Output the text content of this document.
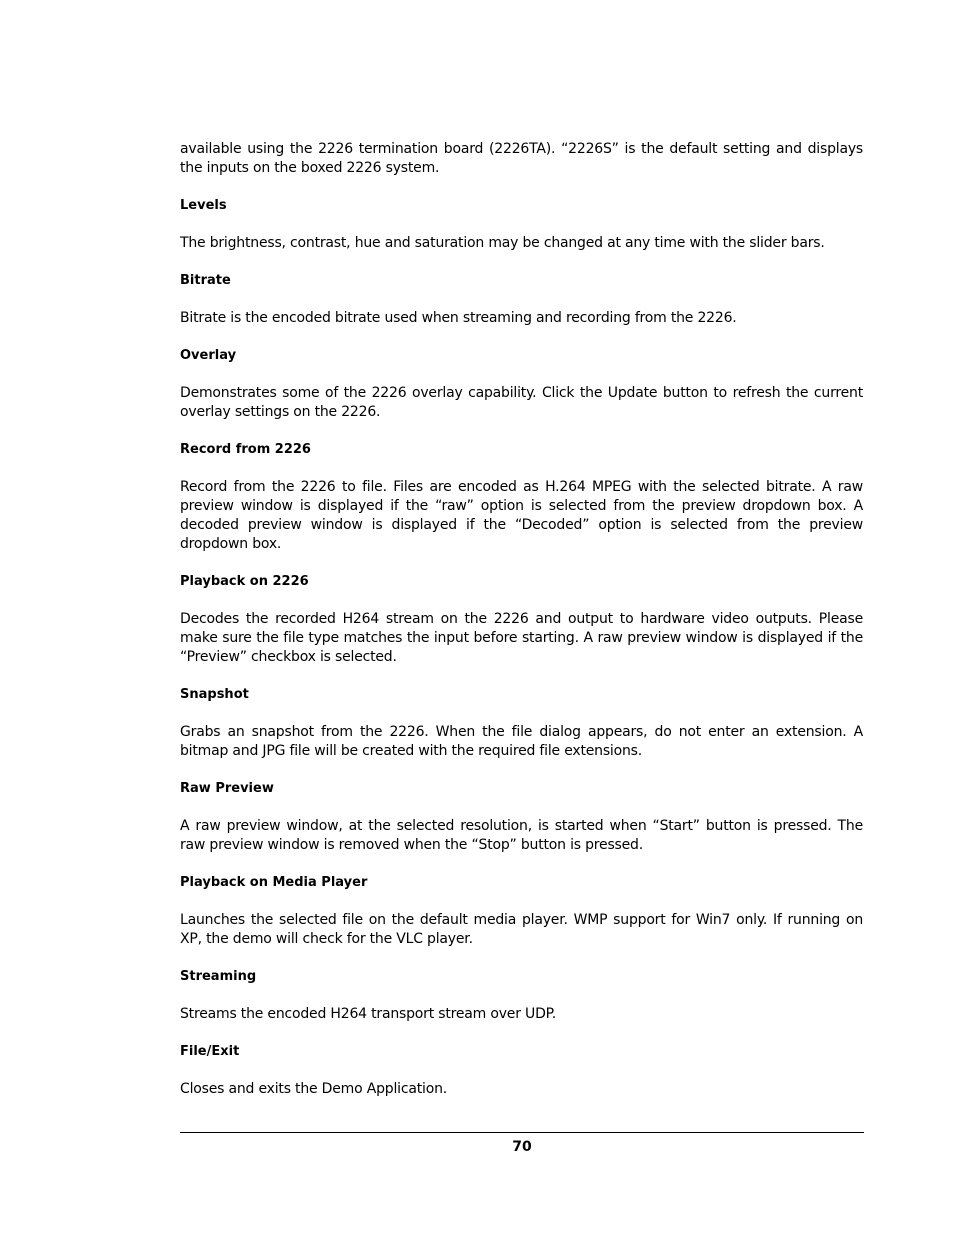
available using the 2226 termination board (2226TA). “2226S” is the default setting and displays the inputs on the boxed 2226 system.

Levels

The brightness, contrast, hue and saturation may be changed at any time with the slider bars.

Bitrate

Bitrate is the encoded bitrate used when streaming and recording from the 2226.

Overlay

Demonstrates some of the 2226 overlay capability. Click the Update button to refresh the current overlay settings on the 2226.

Record from 2226

Record from the 2226 to file. Files are encoded as H.264 MPEG with the selected bitrate. A raw preview window is displayed if the “raw” option is selected from the preview dropdown box. A decoded preview window is displayed if the “Decoded” option is selected from the preview dropdown box.

Playback on 2226

Decodes the recorded H264 stream on the 2226 and output to hardware video outputs. Please make sure the file type matches the input before starting. A raw preview window is displayed if the “Preview” checkbox is selected.

Snapshot

Grabs an snapshot from the 2226. When the file dialog appears, do not enter an extension. A bitmap and JPG file will be created with the required file extensions.

Raw Preview

A raw preview window, at the selected resolution, is started when “Start” button is pressed. The raw preview window is removed when the “Stop” button is pressed.

Playback on Media Player

Launches the selected file on the default media player. WMP support for Win7 only. If running on XP, the demo will check for the VLC player.

Streaming

Streams the encoded H264 transport stream over UDP.

File/Exit

Closes and exits the Demo Application.

70
